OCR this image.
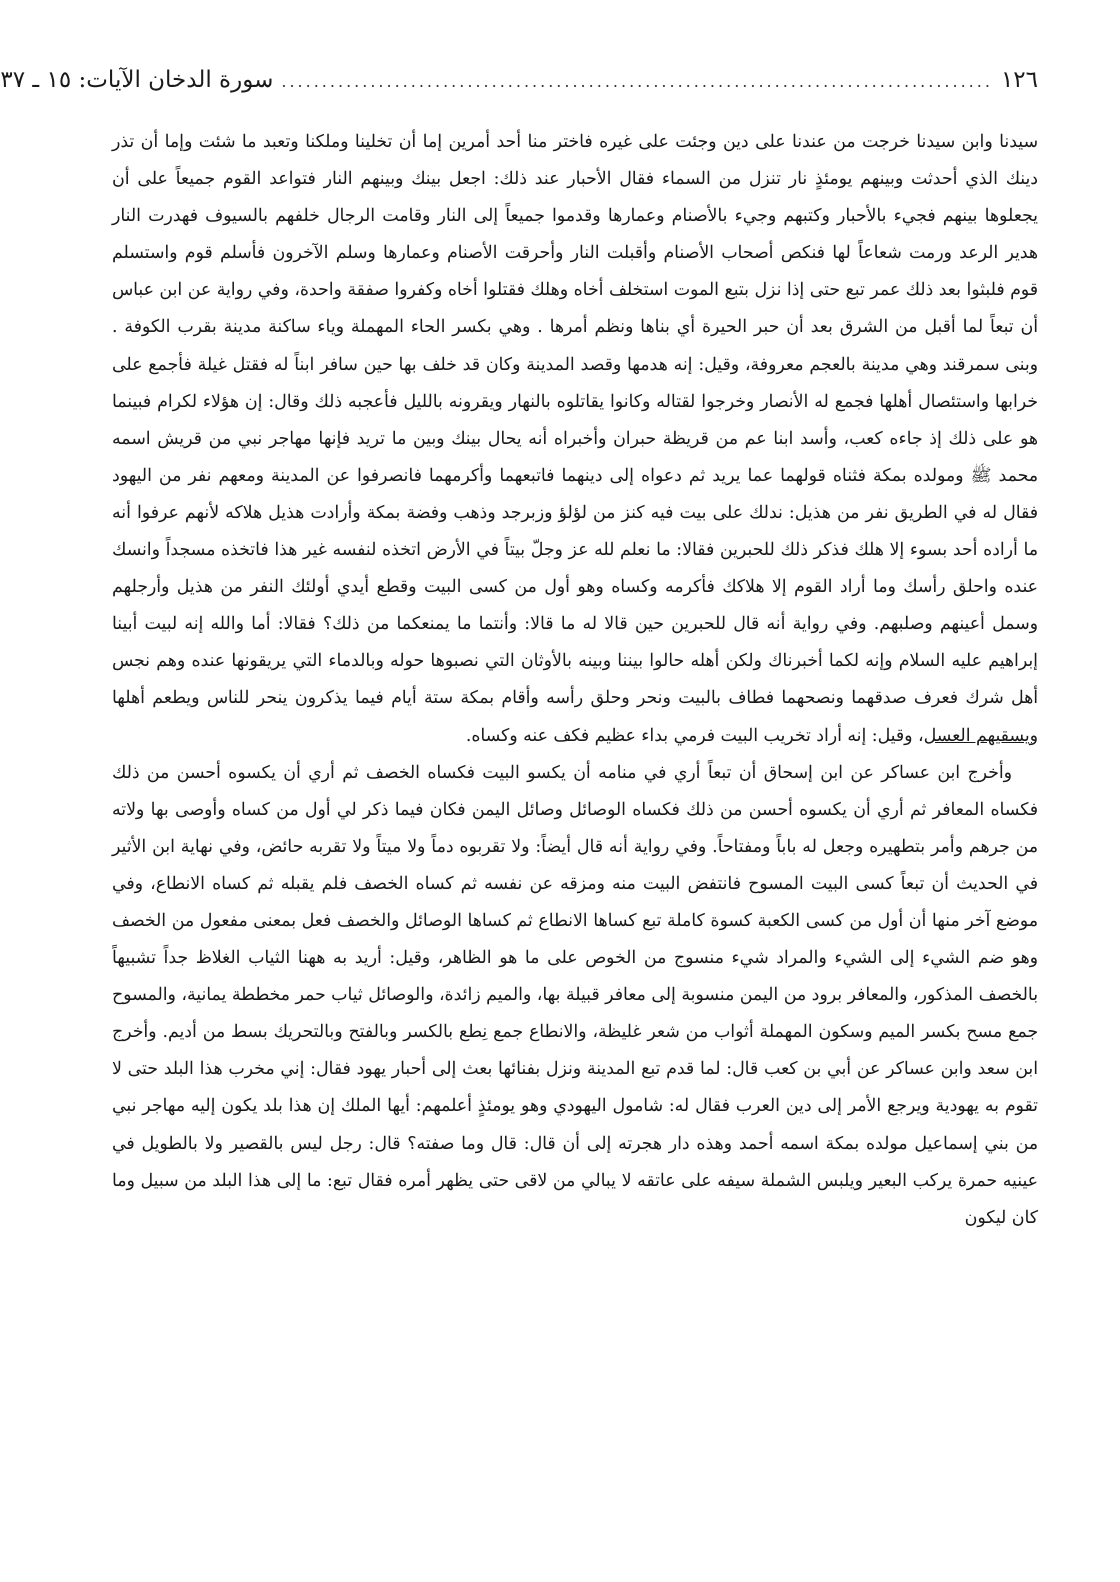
١٢٦
........................................................................................
سورة الدخان الآيات: ١٥ ـ ٣٧

سيدنا وابن سيدنا خرجت من عندنا على دين وجئت على غيره فاختر منا أحد أمرين إما أن تخلينا وملكنا وتعبد ما شئت وإما أن تذر دينك الذي أحدثت وبينهم يومئذٍ نار تنزل من السماء فقال الأحبار عند ذلك: اجعل بينك وبينهم النار فتواعد القوم جميعاً على أن يجعلوها بينهم فجيء بالأحبار وكتبهم وجيء بالأصنام وعمارها وقدموا جميعاً إلى النار وقامت الرجال خلفهم بالسيوف فهدرت النار هدير الرعد ورمت شعاعاً لها فنكص أصحاب الأصنام وأقبلت النار وأحرقت الأصنام وعمارها وسلم الآخرون فأسلم قوم واستسلم قوم فلبثوا بعد ذلك عمر تبع حتى إذا نزل بتبع الموت استخلف أخاه وهلك فقتلوا أخاه وكفروا صفقة واحدة، وفي رواية عن ابن عباس أن تبعاً لما أقبل من الشرق بعد أن حبر الحيرة أي بناها ونظم أمرها . وهي بكسر الحاء المهملة وياء ساكنة مدينة بقرب الكوفة . وبنى سمرقند وهي مدينة بالعجم معروفة، وقيل: إنه هدمها وقصد المدينة وكان قد خلف بها حين سافر ابناً له فقتل غيلة فأجمع على خرابها واستئصال أهلها فجمع له الأنصار وخرجوا لقتاله وكانوا يقاتلوه بالنهار ويقرونه بالليل فأعجبه ذلك وقال: إن هؤلاء لكرام فبينما هو على ذلك إذ جاءه كعب، وأسد ابنا عم من قريظة حبران وأخبراه أنه يحال بينك وبين ما تريد فإنها مهاجر نبي من قريش اسمه محمد ﷺ ومولده بمكة فثناه قولهما عما يريد ثم دعواه إلى دينهما فاتبعهما وأكرمهما فانصرفوا عن المدينة ومعهم نفر من اليهود فقال له في الطريق نفر من هذيل: ندلك على بيت فيه كنز من لؤلؤ وزبرجد وذهب وفضة بمكة وأرادت هذيل هلاكه لأنهم عرفوا أنه ما أراده أحد بسوء إلا هلك فذكر ذلك للحبرين فقالا: ما نعلم لله عز وجلّ بيتاً في الأرض اتخذه لنفسه غير هذا فاتخذه مسجداً وانسك عنده واحلق رأسك وما أراد القوم إلا هلاكك فأكرمه وكساه وهو أول من كسى البيت وقطع أيدي أولئك النفر من هذيل وأرجلهم وسمل أعينهم وصلبهم. وفي رواية أنه قال للحبرين حين قالا له ما قالا: وأنتما ما يمنعكما من ذلك؟ فقالا: أما والله إنه لبيت أبينا إبراهيم عليه السلام وإنه لكما أخبرناك ولكن أهله حالوا بيننا وبينه بالأوثان التي نصبوها حوله وبالدماء التي يريقونها عنده وهم نجس أهل شرك فعرف صدقهما ونصحهما فطاف بالبيت ونحر وحلق رأسه وأقام بمكة ستة أيام فيما يذكرون ينحر للناس ويطعم أهلها ويسقيهم العسل، وقيل: إنه أراد تخريب البيت فرمي بداء عظيم فكف عنه وكساه.

وأخرج ابن عساكر عن ابن إسحاق أن تبعاً أري في منامه أن يكسو البيت فكساه الخصف ثم أري أن يكسوه أحسن من ذلك فكساه المعافر ثم أري أن يكسوه أحسن من ذلك فكساه الوصائل وصائل اليمن فكان فيما ذكر لي أول من كساه وأوصى بها ولاته من جرهم وأمر بتطهيره وجعل له باباً ومفتاحاً. وفي رواية أنه قال أيضاً: ولا تقربوه دماً ولا ميتاً ولا تقربه حائض، وفي نهاية ابن الأثير في الحديث أن تبعاً كسى البيت المسوح فانتفض البيت منه ومزقه عن نفسه ثم كساه الخصف فلم يقبله ثم كساه الانطاع، وفي موضع آخر منها أن أول من كسى الكعبة كسوة كاملة تبع كساها الانطاع ثم كساها الوصائل والخصف فعل بمعنى مفعول من الخصف وهو ضم الشيء إلى الشيء والمراد شيء منسوج من الخوص على ما هو الظاهر، وقيل: أريد به ههنا الثياب الغلاظ جداً تشبيهاً بالخصف المذكور، والمعافر برود من اليمن منسوبة إلى معافر قبيلة بها، والميم زائدة، والوصائل ثياب حمر مخططة يمانية، والمسوح جمع مسح بكسر الميم وسكون المهملة أثواب من شعر غليظة، والانطاع جمع نِطع بالكسر وبالفتح وبالتحريك بسط من أديم. وأخرج ابن سعد وابن عساكر عن أبي بن كعب قال: لما قدم تبع المدينة ونزل بفنائها بعث إلى أحبار يهود فقال: إني مخرب هذا البلد حتى لا تقوم به يهودية ويرجع الأمر إلى دين العرب فقال له: شامول اليهودي وهو يومئذٍ أعلمهم: أيها الملك إن هذا بلد يكون إليه مهاجر نبي من بني إسماعيل مولده بمكة اسمه أحمد وهذه دار هجرته إلى أن قال: قال وما صفته؟ قال: رجل ليس بالقصير ولا بالطويل في عينيه حمرة يركب البعير ويلبس الشملة سيفه على عاتقه لا يبالي من لاقى حتى يظهر أمره فقال تبع: ما إلى هذا البلد من سبيل وما كان ليكون
